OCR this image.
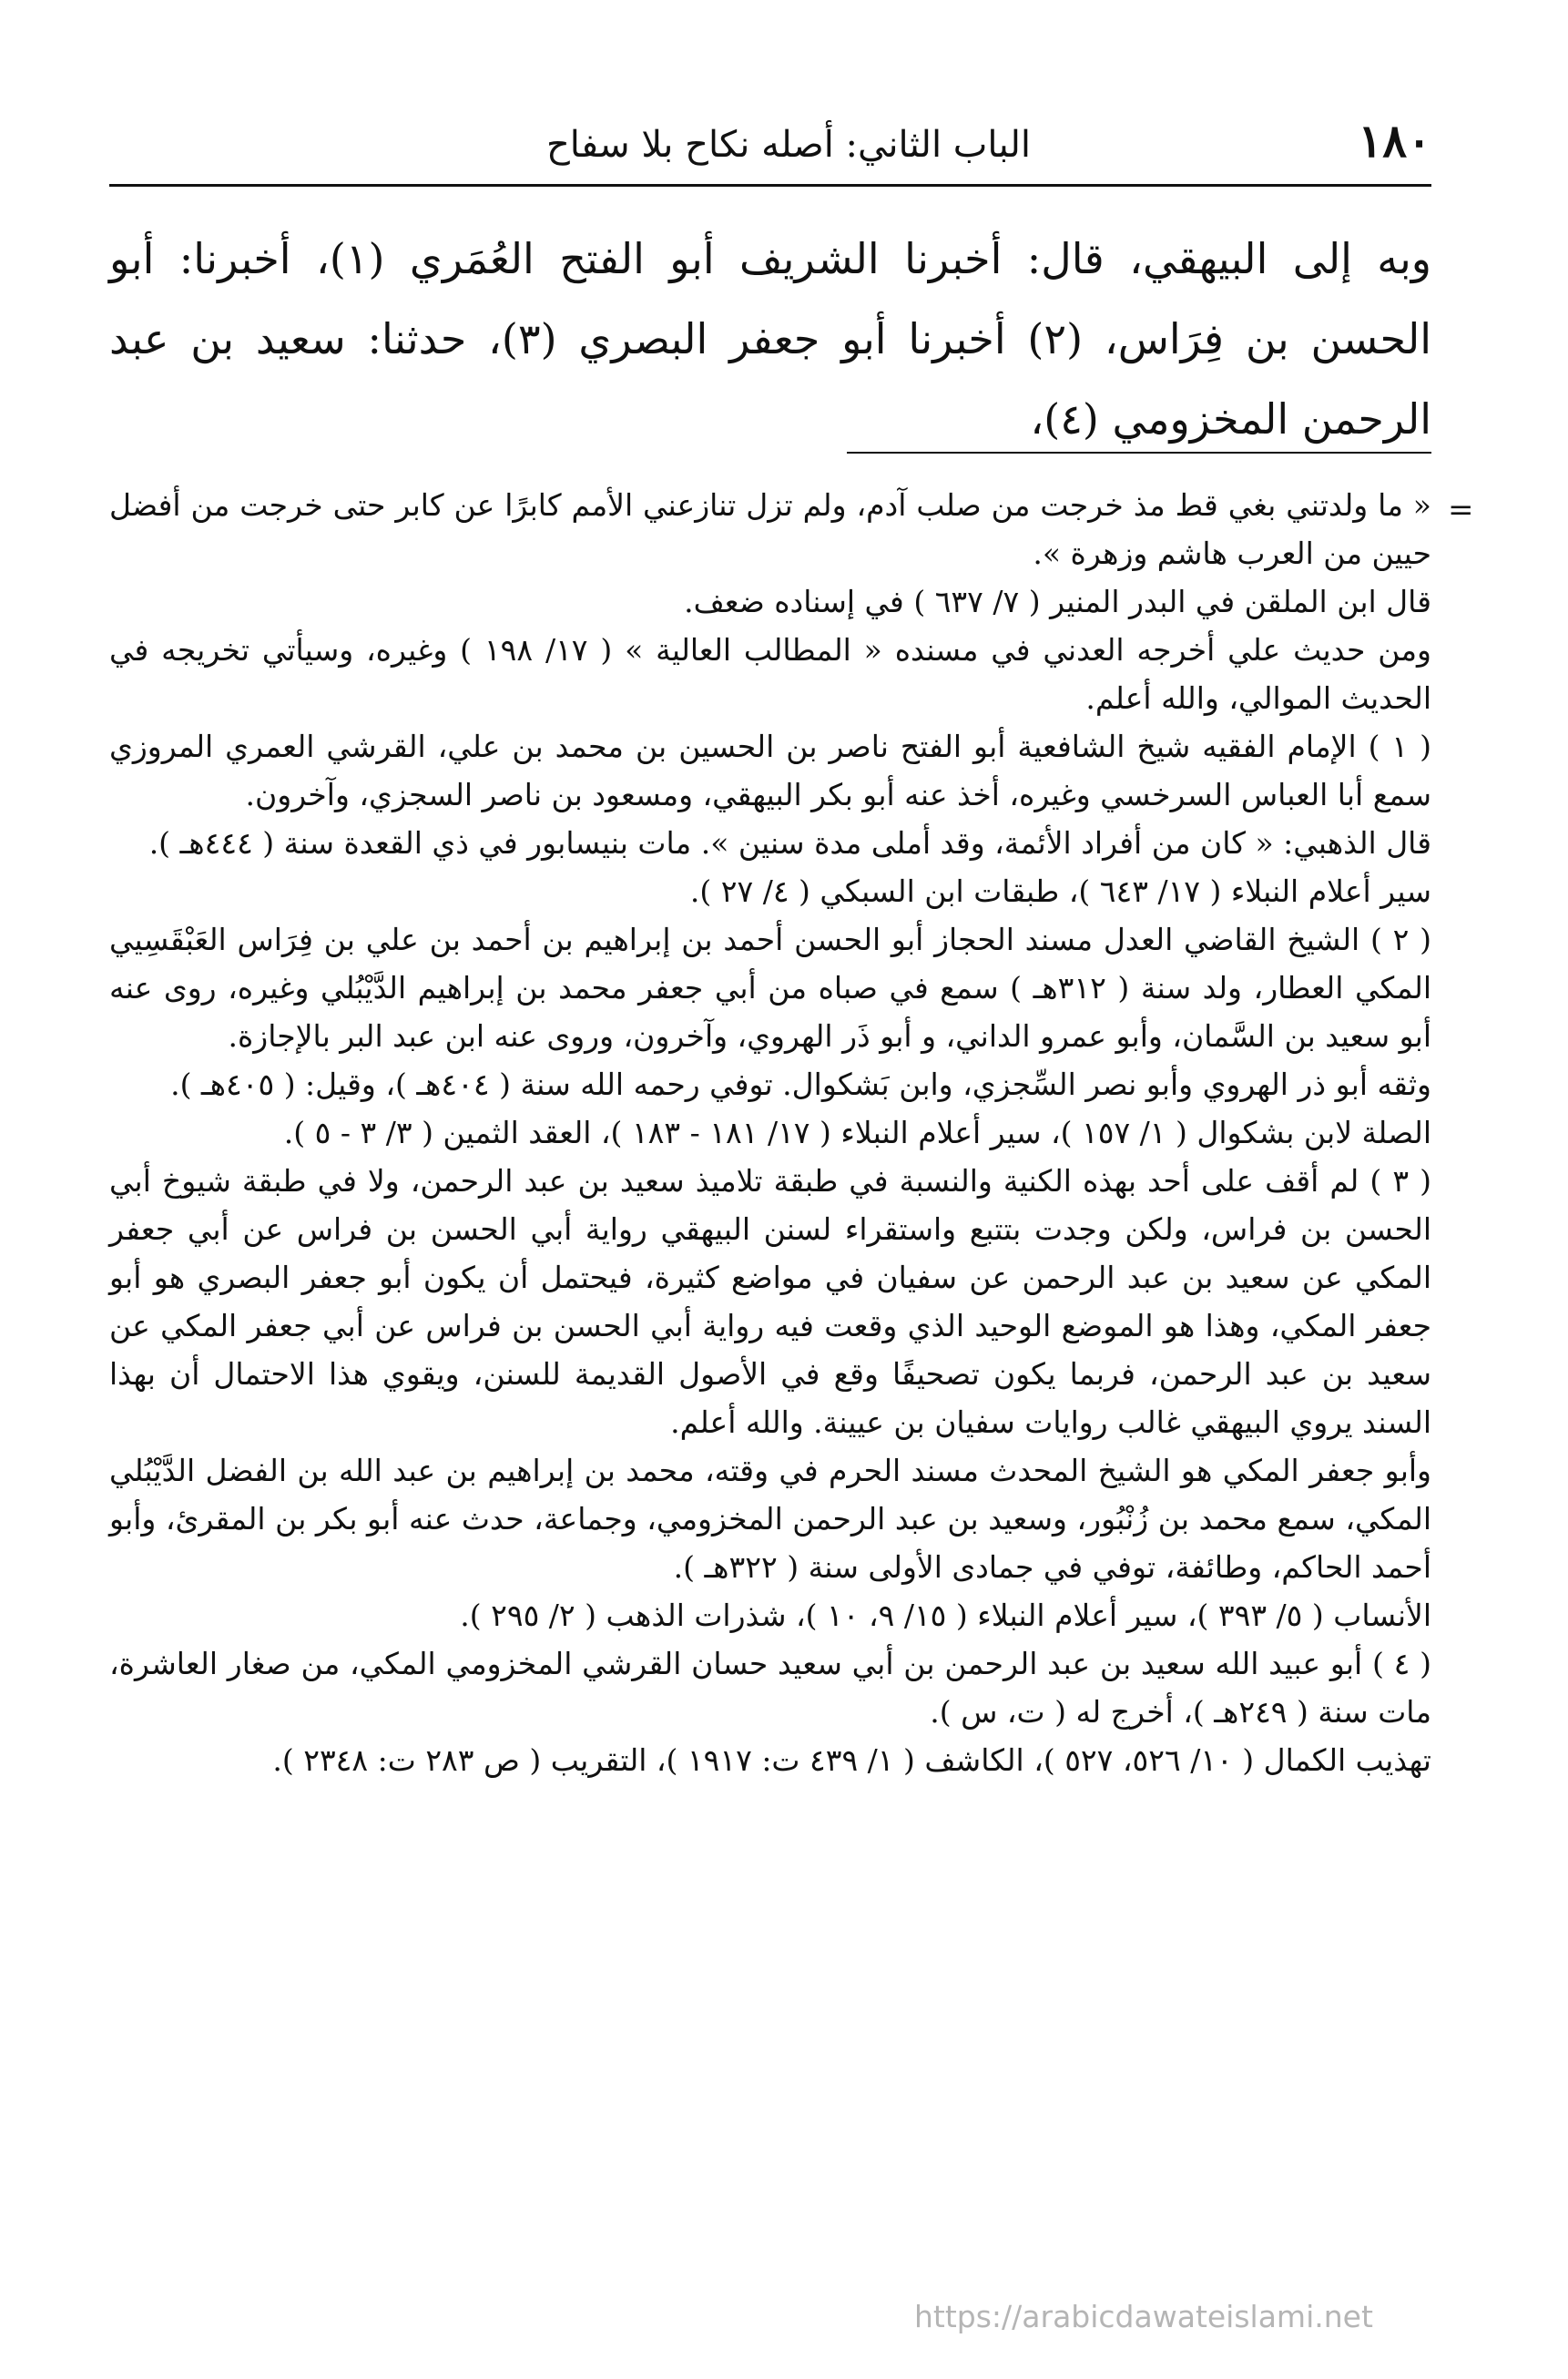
١٨٠
الباب الثاني: أصله نكاح بلا سفاح

وبه إلى البيهقي، قال: أخبرنا الشريف أبو الفتح العُمَري (١)، أخبرنا: أبو الحسن بن فِرَاس، (٢) أخبرنا أبو جعفر البصري (٣)، حدثنا: سعيد بن عبد الرحمن المخزومي (٤)،

=

« ما ولدتني بغي قط مذ خرجت من صلب آدم، ولم تزل تنازعني الأمم كابرًا عن كابر حتى خرجت من أفضل حيين من العرب هاشم وزهرة ».

قال ابن الملقن في البدر المنير ( ٧/ ٦٣٧ ) في إسناده ضعف.

ومن حديث علي أخرجه العدني في مسنده « المطالب العالية » ( ١٧/ ١٩٨ ) وغيره، وسيأتي تخريجه في الحديث الموالي، والله أعلم.

( ١ ) الإمام الفقيه شيخ الشافعية أبو الفتح ناصر بن الحسين بن محمد بن علي، القرشي العمري المروزي سمع أبا العباس السرخسي وغيره، أخذ عنه أبو بكر البيهقي، ومسعود بن ناصر السجزي، وآخرون.

قال الذهبي: « كان من أفراد الأئمة، وقد أملى مدة سنين ». مات بنيسابور في ذي القعدة سنة ( ٤٤٤هـ ).

سير أعلام النبلاء ( ١٧/ ٦٤٣ )، طبقات ابن السبكي ( ٤/ ٢٧ ).

( ٢ ) الشيخ القاضي العدل مسند الحجاز أبو الحسن أحمد بن إبراهيم بن أحمد بن علي بن فِرَاس العَبْقَسِيي المكي العطار، ولد سنة ( ٣١٢هـ ) سمع في صباه من أبي جعفر محمد بن إبراهيم الدَّيْبُلي وغيره، روى عنه أبو سعيد بن السَّمان، وأبو عمرو الداني، و أبو ذَر الهروي، وآخرون، وروى عنه ابن عبد البر بالإجازة.

وثقه أبو ذر الهروي وأبو نصر السِّجزي، وابن بَشكوال. توفي رحمه الله سنة ( ٤٠٤هـ )، وقيل: ( ٤٠٥هـ ).

الصلة لابن بشكوال ( ١/ ١٥٧ )، سير أعلام النبلاء ( ١٧/ ١٨١ - ١٨٣ )، العقد الثمين ( ٣/ ٣ - ٥ ).

( ٣ ) لم أقف على أحد بهذه الكنية والنسبة في طبقة تلاميذ سعيد بن عبد الرحمن، ولا في طبقة شيوخ أبي الحسن بن فراس، ولكن وجدت بتتبع واستقراء لسنن البيهقي رواية أبي الحسن بن فراس عن أبي جعفر المكي عن سعيد بن عبد الرحمن عن سفيان في مواضع كثيرة، فيحتمل أن يكون أبو جعفر البصري هو أبو جعفر المكي، وهذا هو الموضع الوحيد الذي وقعت فيه رواية أبي الحسن بن فراس عن أبي جعفر المكي عن سعيد بن عبد الرحمن، فربما يكون تصحيفًا وقع في الأصول القديمة للسنن، ويقوي هذا الاحتمال أن بهذا السند يروي البيهقي غالب روايات سفيان بن عيينة. والله أعلم.

وأبو جعفر المكي هو الشيخ المحدث مسند الحرم في وقته، محمد بن إبراهيم بن عبد الله بن الفضل الدَّيْبُلي المكي، سمع محمد بن زُنْبُور، وسعيد بن عبد الرحمن المخزومي، وجماعة، حدث عنه أبو بكر بن المقرئ، وأبو أحمد الحاكم، وطائفة، توفي في جمادى الأولى سنة ( ٣٢٢هـ ).

الأنساب ( ٥/ ٣٩٣ )، سير أعلام النبلاء ( ١٥/ ٩، ١٠ )، شذرات الذهب ( ٢/ ٢٩٥ ).

( ٤ ) أبو عبيد الله سعيد بن عبد الرحمن بن أبي سعيد حسان القرشي المخزومي المكي، من صغار العاشرة، مات سنة ( ٢٤٩هـ )، أخرج له ( ت، س ).

تهذيب الكمال ( ١٠/ ٥٢٦، ٥٢٧ )، الكاشف ( ١/ ٤٣٩ ت: ١٩١٧ )، التقريب ( ص ٢٨٣ ت: ٢٣٤٨ ).

https://arabicdawateislami.net
